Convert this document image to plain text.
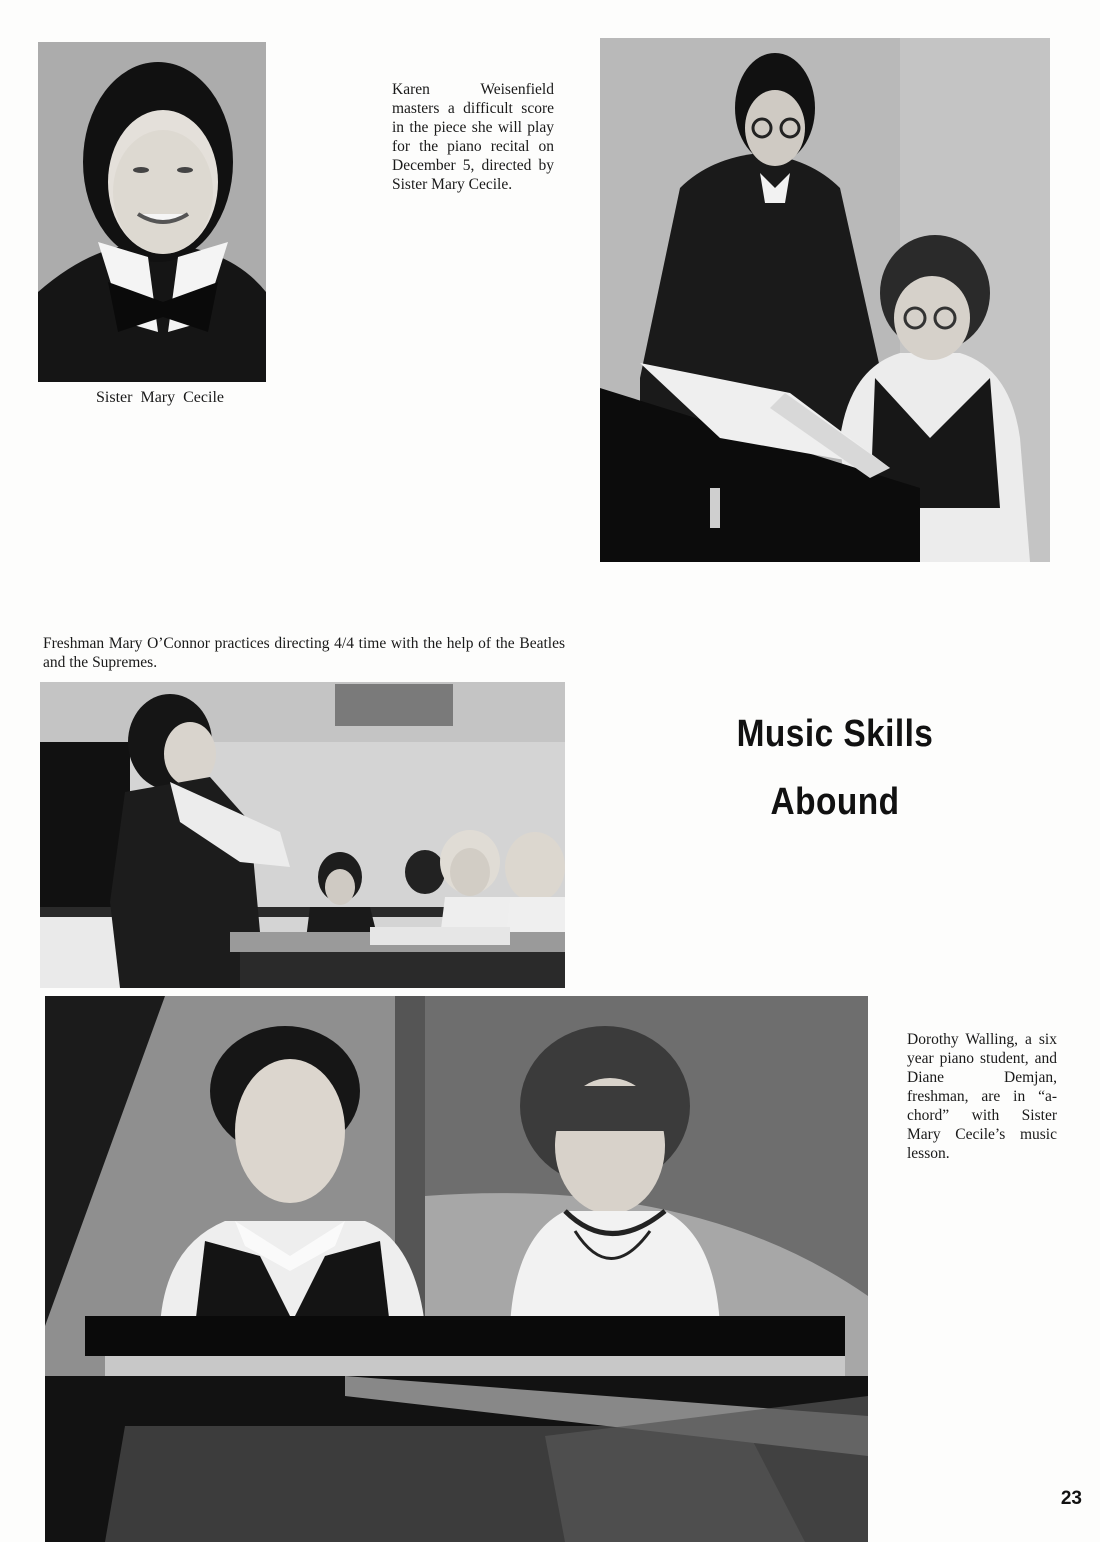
Sister Mary Cecile
Karen Weisenfield masters a difficult score in the piece she will play for the piano recital on December 5, directed by Sister Mary Cecile.
Freshman Mary O’Connor practices directing 4/4 time with the help of the Beatles and the Supremes.
Music Skills
Abound
Dorothy Walling, a six year piano student, and Diane Demjan, freshman, are in “a-chord” with Sister Mary Cecile’s music lesson.
23
